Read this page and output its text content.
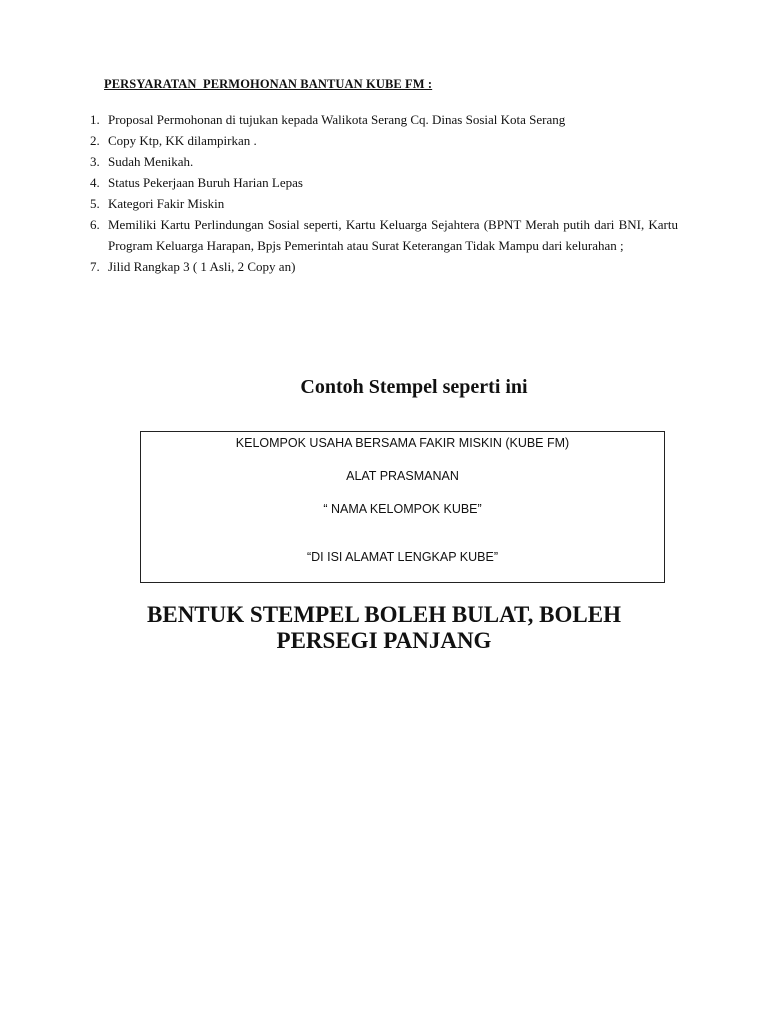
PERSYARATAN  PERMOHONAN BANTUAN KUBE FM :
1. Proposal Permohonan di tujukan kepada Walikota Serang Cq. Dinas Sosial Kota Serang
2. Copy Ktp, KK dilampirkan .
3. Sudah Menikah.
4. Status Pekerjaan Buruh Harian Lepas
5. Kategori Fakir Miskin
6. Memiliki Kartu Perlindungan Sosial seperti, Kartu Keluarga Sejahtera (BPNT Merah putih dari BNI, Kartu Program Keluarga Harapan, Bpjs Pemerintah atau Surat Keterangan Tidak Mampu dari kelurahan ;
7. Jilid Rangkap 3 ( 1 Asli, 2 Copy an)
Contoh Stempel seperti ini
KELOMPOK USAHA BERSAMA FAKIR MISKIN (KUBE FM)
ALAT PRASMANAN
“ NAMA KELOMPOK KUBE”
“DI ISI ALAMAT LENGKAP KUBE”
BENTUK STEMPEL BOLEH BULAT, BOLEH
PERSEGI PANJANG
